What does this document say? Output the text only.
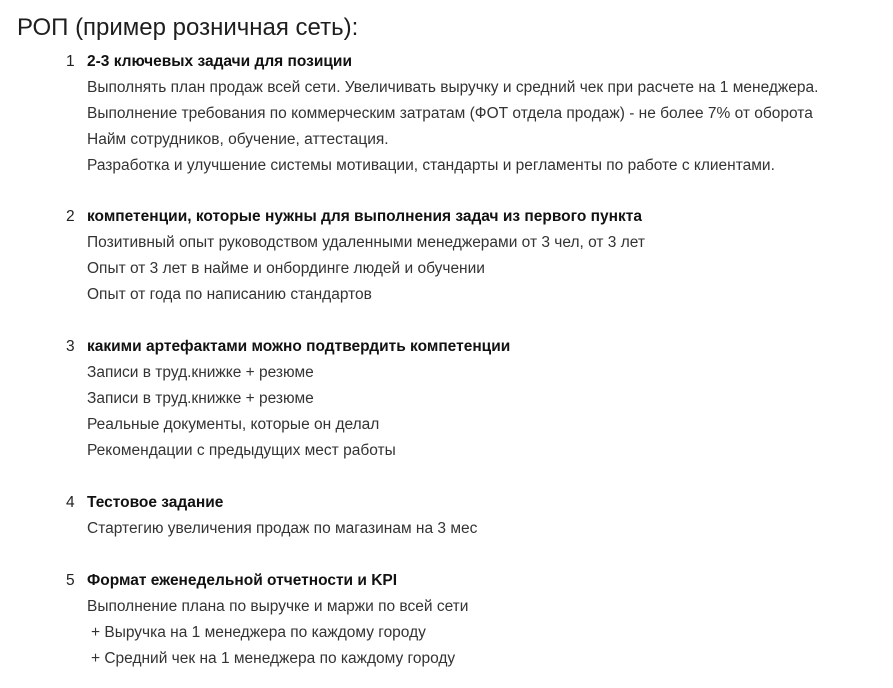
РОП (пример розничная сеть):
1 2-3 ключевых задачи для позиции
Выполнять план продаж всей сети. Увеличивать выручку и средний чек при расчете на 1 менеджера.
Выполнение требования по коммерческим затратам (ФОТ отдела продаж) - не более 7% от оборота
Найм сотрудников, обучение, аттестация.
Разработка и улучшение системы мотивации, стандарты и регламенты по работе с клиентами.
2 компетенции, которые нужны для выполнения задач из первого пункта
Позитивный опыт руководством удаленными менеджерами от 3 чел, от 3 лет
Опыт от 3 лет в найме и онбординге людей и обучении
Опыт от года по написанию стандартов
3 какими артефактами можно подтвердить компетенции
Записи в труд.книжке + резюме
Записи в труд.книжке + резюме
Реальные документы, которые он делал
Рекомендации с предыдущих мест работы
4 Тестовое задание
Стартегию увеличения продаж по магазинам на 3 мес
5 Формат еженедельной отчетности и KPI
Выполнение плана по выручке и маржи по всей сети
+ Выручка на 1 менеджера по каждому городу
+ Средний чек на 1 менеджера по каждому городу
